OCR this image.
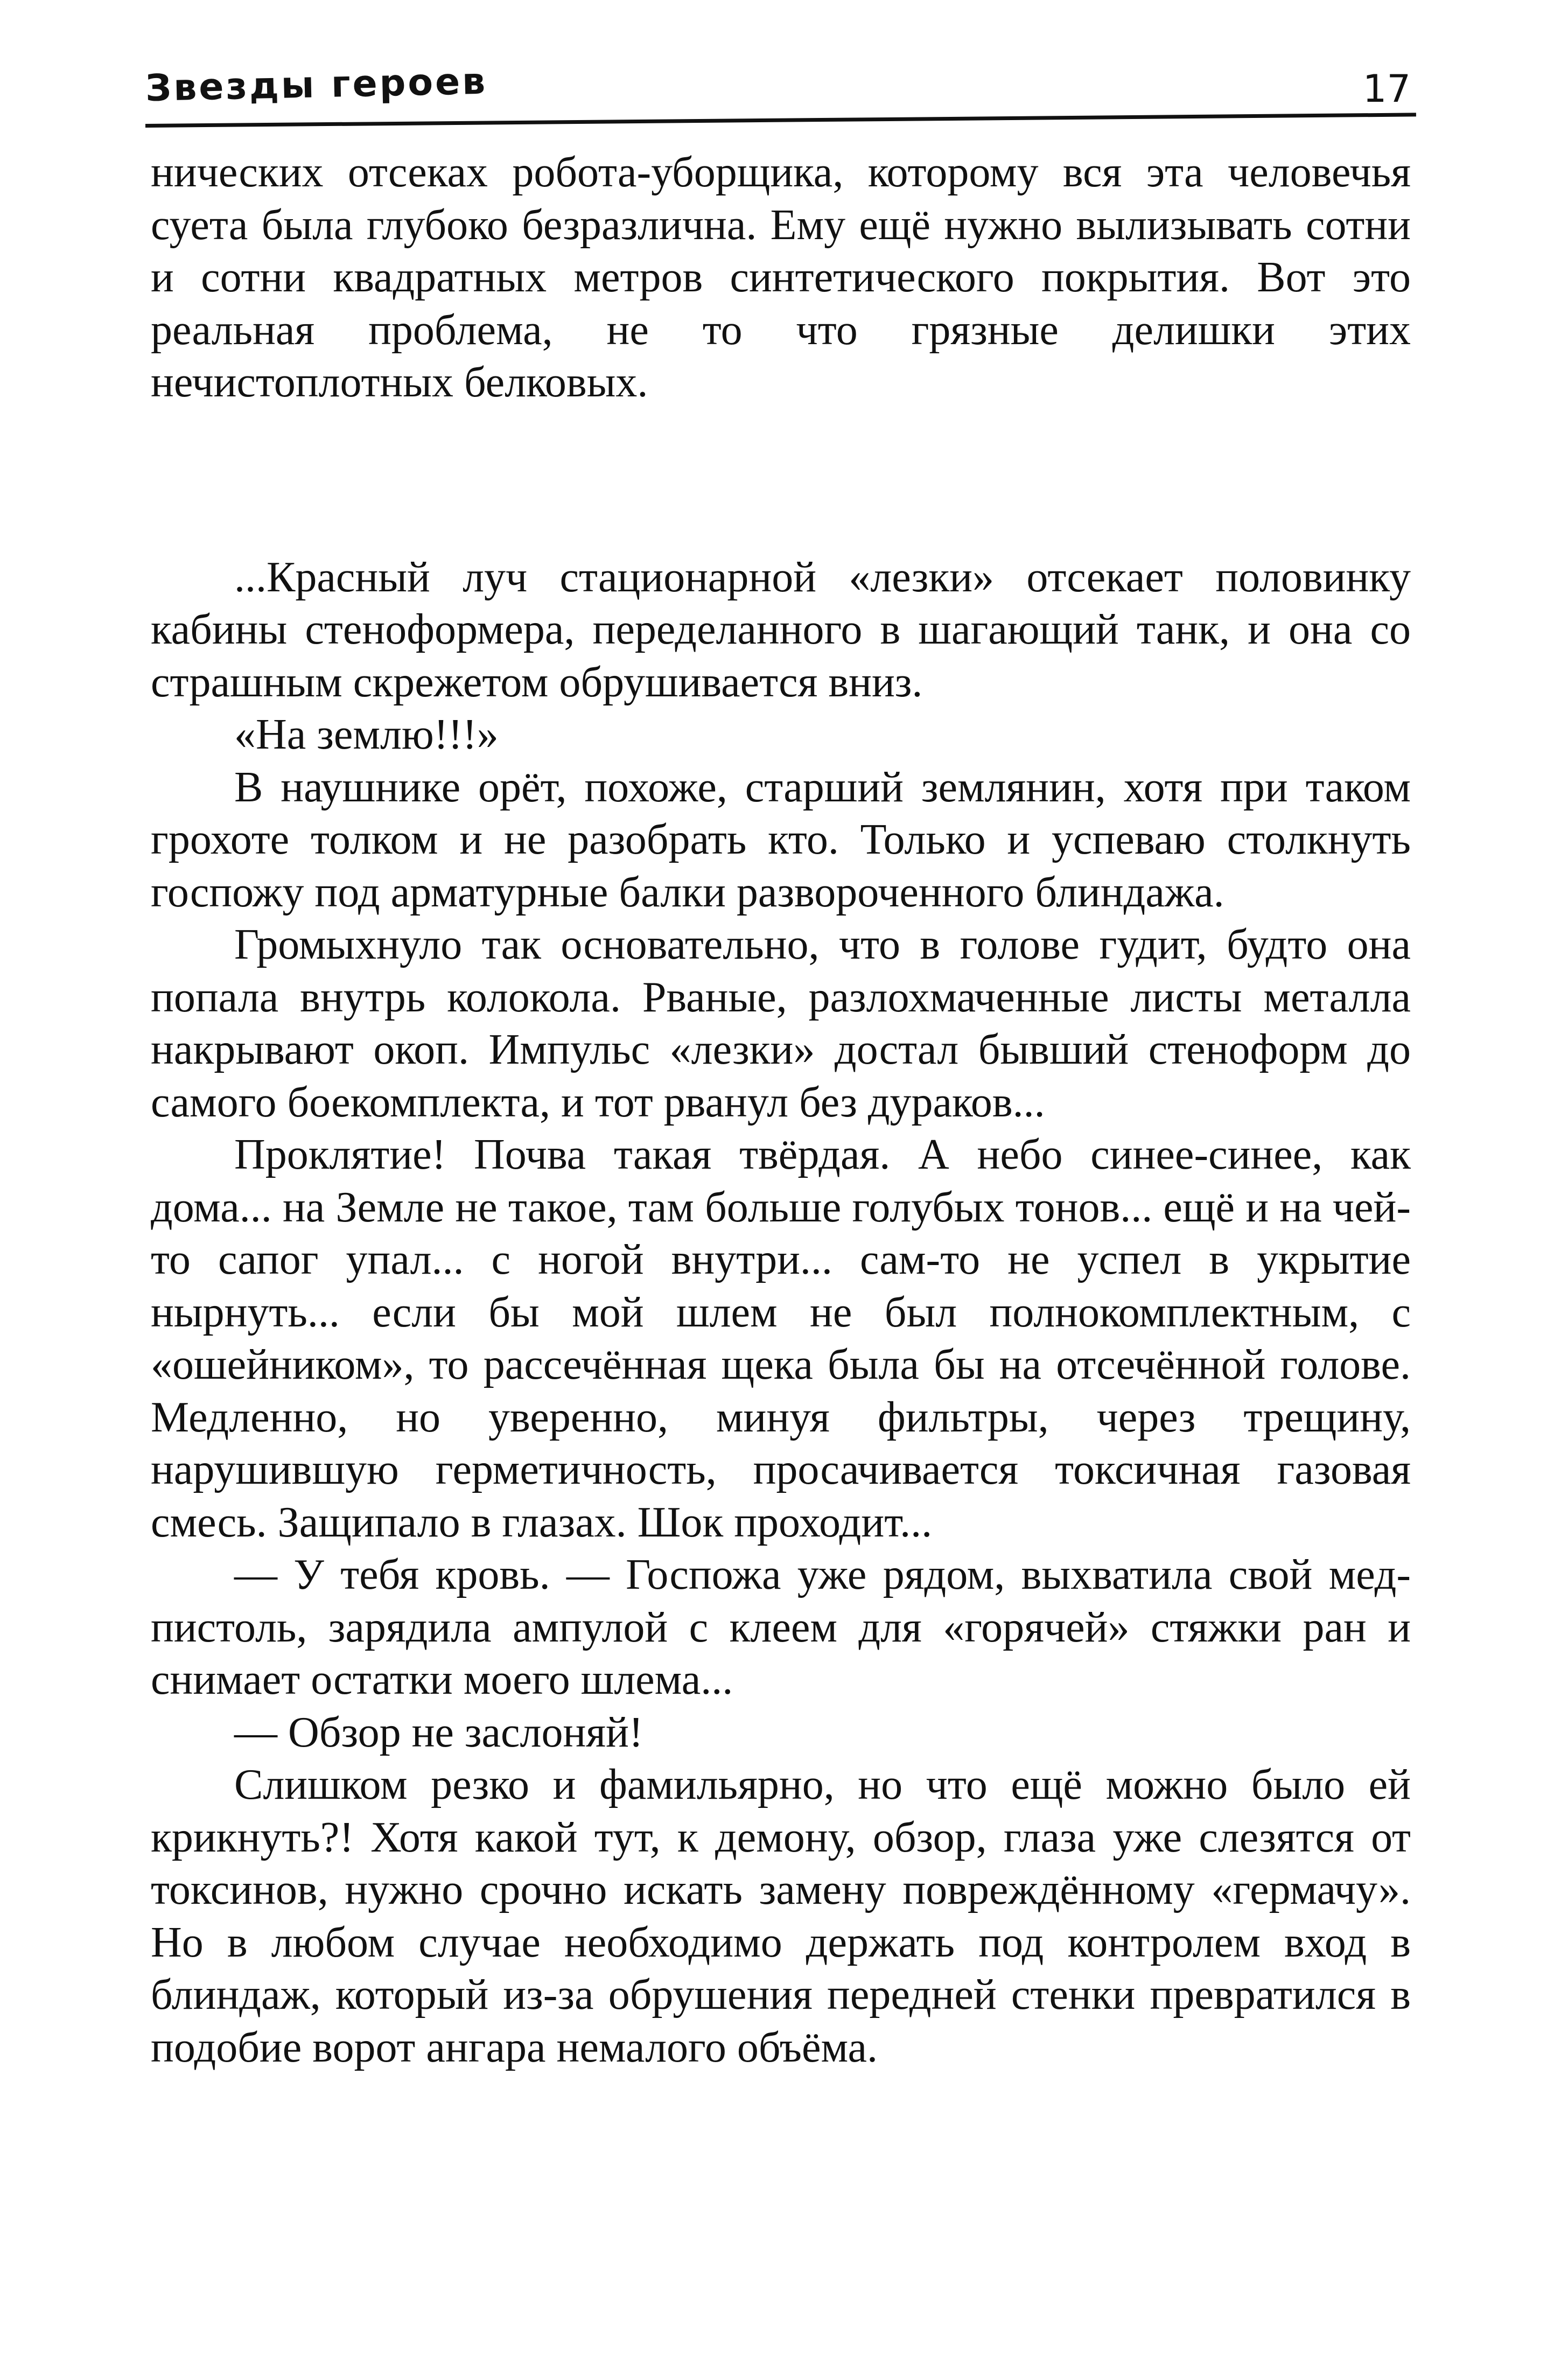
Звезды героев	17

нических отсеках робота-уборщика, которому вся эта человечья суета была глубоко безразлична. Ему ещё нужно вылизывать сотни и сотни квадратных метров синтетического покрытия. Вот это реальная проблема, не то что грязные делишки этих нечистоплотных белковых.

...Красный луч стационарной «лезки» отсекает половинку кабины стеноформера, переделанного в шагающий танк, и она со страшным скрежетом обрушивается вниз.

«На землю!!!»

В наушнике орёт, похоже, старший землянин, хотя при таком грохоте толком и не разобрать кто. Только и успеваю столкнуть госпожу под арматурные балки развороченного блиндажа.

Громыхнуло так основательно, что в голове гудит, будто она попала внутрь колокола. Рваные, разлохмаченные листы металла накрывают окоп. Импульс «лезки» достал бывший стеноформ до самого боекомплекта, и тот рванул без дураков...

Проклятие! Почва такая твёрдая. А небо синее-синее, как дома... на Земле не такое, там больше голубых тонов... ещё и на чей-то сапог упал... с ногой внутри... сам-то не успел в укрытие нырнуть... если бы мой шлем не был полнокомплектным, с «ошейником», то рассечённая щека была бы на отсечённой голове. Медленно, но уверенно, минуя фильтры, через трещину, нарушившую герметичность, просачивается токсичная газовая смесь. Защипало в глазах. Шок проходит...

— У тебя кровь. — Госпожа уже рядом, выхватила свой мед-пистоль, зарядила ампулой с клеем для «горячей» стяжки ран и снимает остатки моего шлема...

— Обзор не заслоняй!

Слишком резко и фамильярно, но что ещё можно было ей крикнуть?! Хотя какой тут, к демону, обзор, глаза уже слезятся от токсинов, нужно срочно искать замену повреждённому «гермачу». Но в любом случае необходимо держать под контролем вход в блиндаж, который из-за обрушения передней стенки превратился в подобие ворот ангара немалого объёма.
